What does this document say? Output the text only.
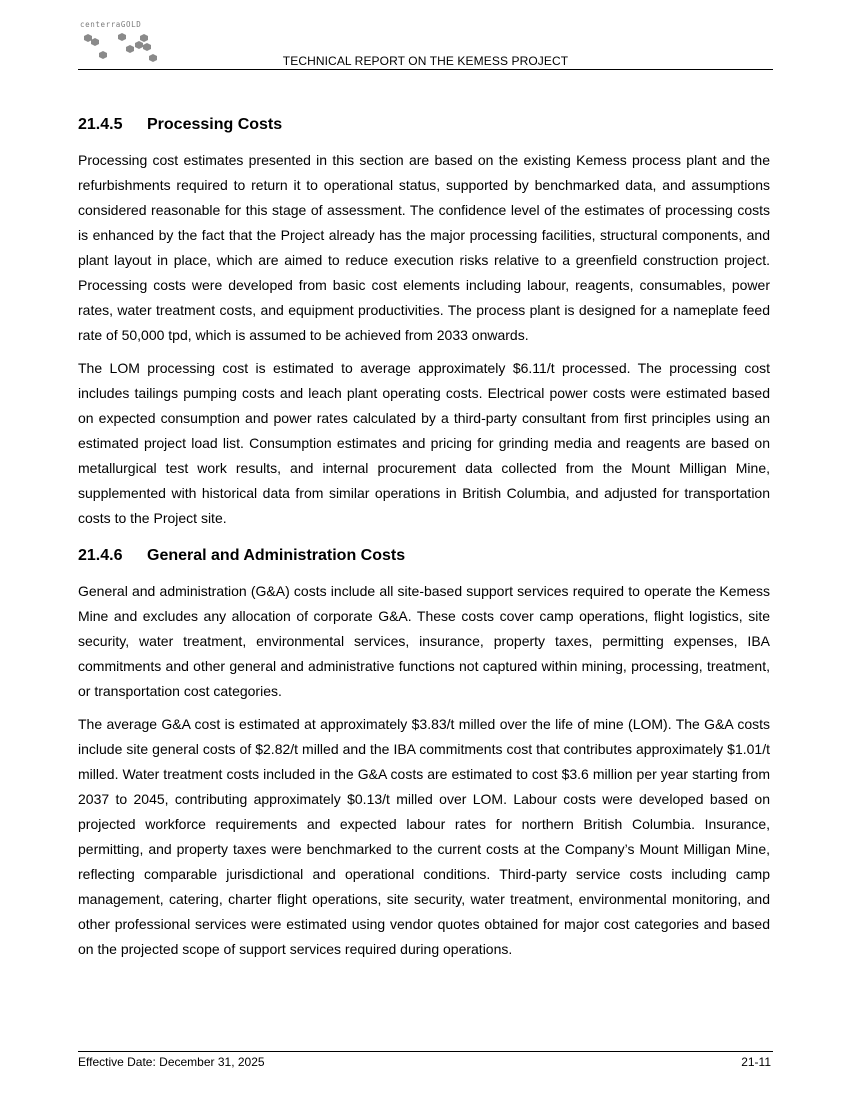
centerraGOLD
TECHNICAL REPORT ON THE KEMESS PROJECT
21.4.5 Processing Costs

Processing cost estimates presented in this section are based on the existing Kemess process plant and the refurbishments required to return it to operational status, supported by benchmarked data, and assumptions considered reasonable for this stage of assessment. The confidence level of the estimates of processing costs is enhanced by the fact that the Project already has the major processing facilities, structural components, and plant layout in place, which are aimed to reduce execution risks relative to a greenfield construction project. Processing costs were developed from basic cost elements including labour, reagents, consumables, power rates, water treatment costs, and equipment productivities. The process plant is designed for a nameplate feed rate of 50,000 tpd, which is assumed to be achieved from 2033 onwards.

The LOM processing cost is estimated to average approximately $6.11/t processed. The processing cost includes tailings pumping costs and leach plant operating costs. Electrical power costs were estimated based on expected consumption and power rates calculated by a third-party consultant from first principles using an estimated project load list. Consumption estimates and pricing for grinding media and reagents are based on metallurgical test work results, and internal procurement data collected from the Mount Milligan Mine, supplemented with historical data from similar operations in British Columbia, and adjusted for transportation costs to the Project site.

21.4.6 General and Administration Costs

General and administration (G&A) costs include all site-based support services required to operate the Kemess Mine and excludes any allocation of corporate G&A. These costs cover camp operations, flight logistics, site security, water treatment, environmental services, insurance, property taxes, permitting expenses, IBA commitments and other general and administrative functions not captured within mining, processing, treatment, or transportation cost categories.

The average G&A cost is estimated at approximately $3.83/t milled over the life of mine (LOM). The G&A costs include site general costs of $2.82/t milled and the IBA commitments cost that contributes approximately $1.01/t milled. Water treatment costs included in the G&A costs are estimated to cost $3.6 million per year starting from 2037 to 2045, contributing approximately $0.13/t milled over LOM. Labour costs were developed based on projected workforce requirements and expected labour rates for northern British Columbia. Insurance, permitting, and property taxes were benchmarked to the current costs at the Company’s Mount Milligan Mine, reflecting comparable jurisdictional and operational conditions. Third-party service costs including camp management, catering, charter flight operations, site security, water treatment, environmental monitoring, and other professional services were estimated using vendor quotes obtained for major cost categories and based on the projected scope of support services required during operations.

Effective Date: December 31, 2025	21-11
